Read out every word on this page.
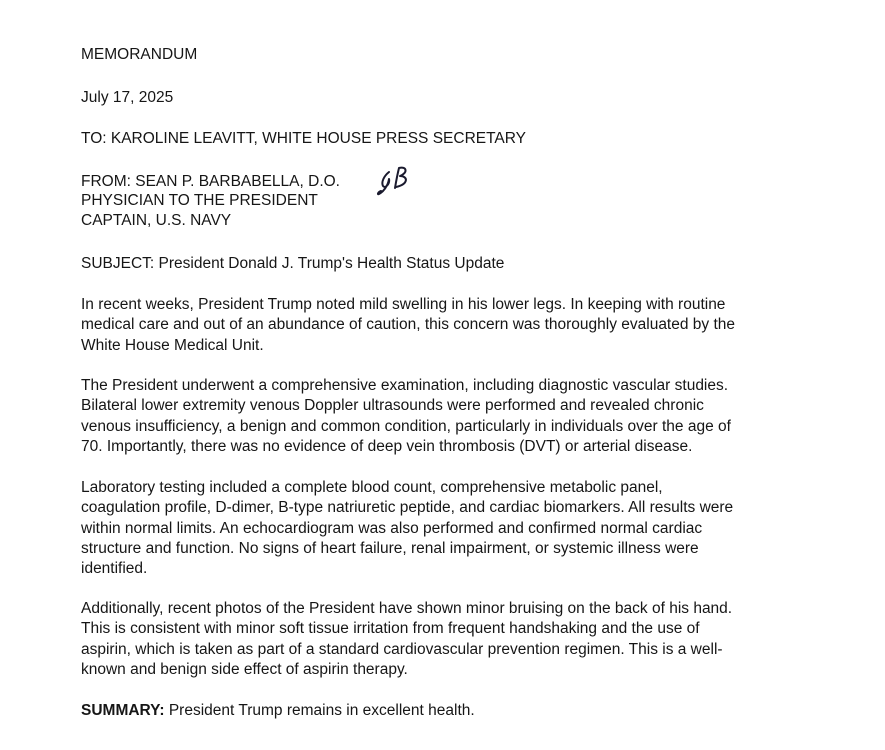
MEMORANDUM
July 17, 2025
TO: KAROLINE LEAVITT, WHITE HOUSE PRESS SECRETARY
FROM: SEAN P. BARBABELLA, D.O.
PHYSICIAN TO THE PRESIDENT
CAPTAIN, U.S. NAVY
SUBJECT: President Donald J. Trump's Health Status Update
In recent weeks, President Trump noted mild swelling in his lower legs. In keeping with routine
medical care and out of an abundance of caution, this concern was thoroughly evaluated by the
White House Medical Unit.
The President underwent a comprehensive examination, including diagnostic vascular studies.
Bilateral lower extremity venous Doppler ultrasounds were performed and revealed chronic
venous insufficiency, a benign and common condition, particularly in individuals over the age of
70. Importantly, there was no evidence of deep vein thrombosis (DVT) or arterial disease.
Laboratory testing included a complete blood count, comprehensive metabolic panel,
coagulation profile, D-dimer, B-type natriuretic peptide, and cardiac biomarkers. All results were
within normal limits. An echocardiogram was also performed and confirmed normal cardiac
structure and function. No signs of heart failure, renal impairment, or systemic illness were
identified.
Additionally, recent photos of the President have shown minor bruising on the back of his hand.
This is consistent with minor soft tissue irritation from frequent handshaking and the use of
aspirin, which is taken as part of a standard cardiovascular prevention regimen. This is a well-
known and benign side effect of aspirin therapy.
SUMMARY: President Trump remains in excellent health.
